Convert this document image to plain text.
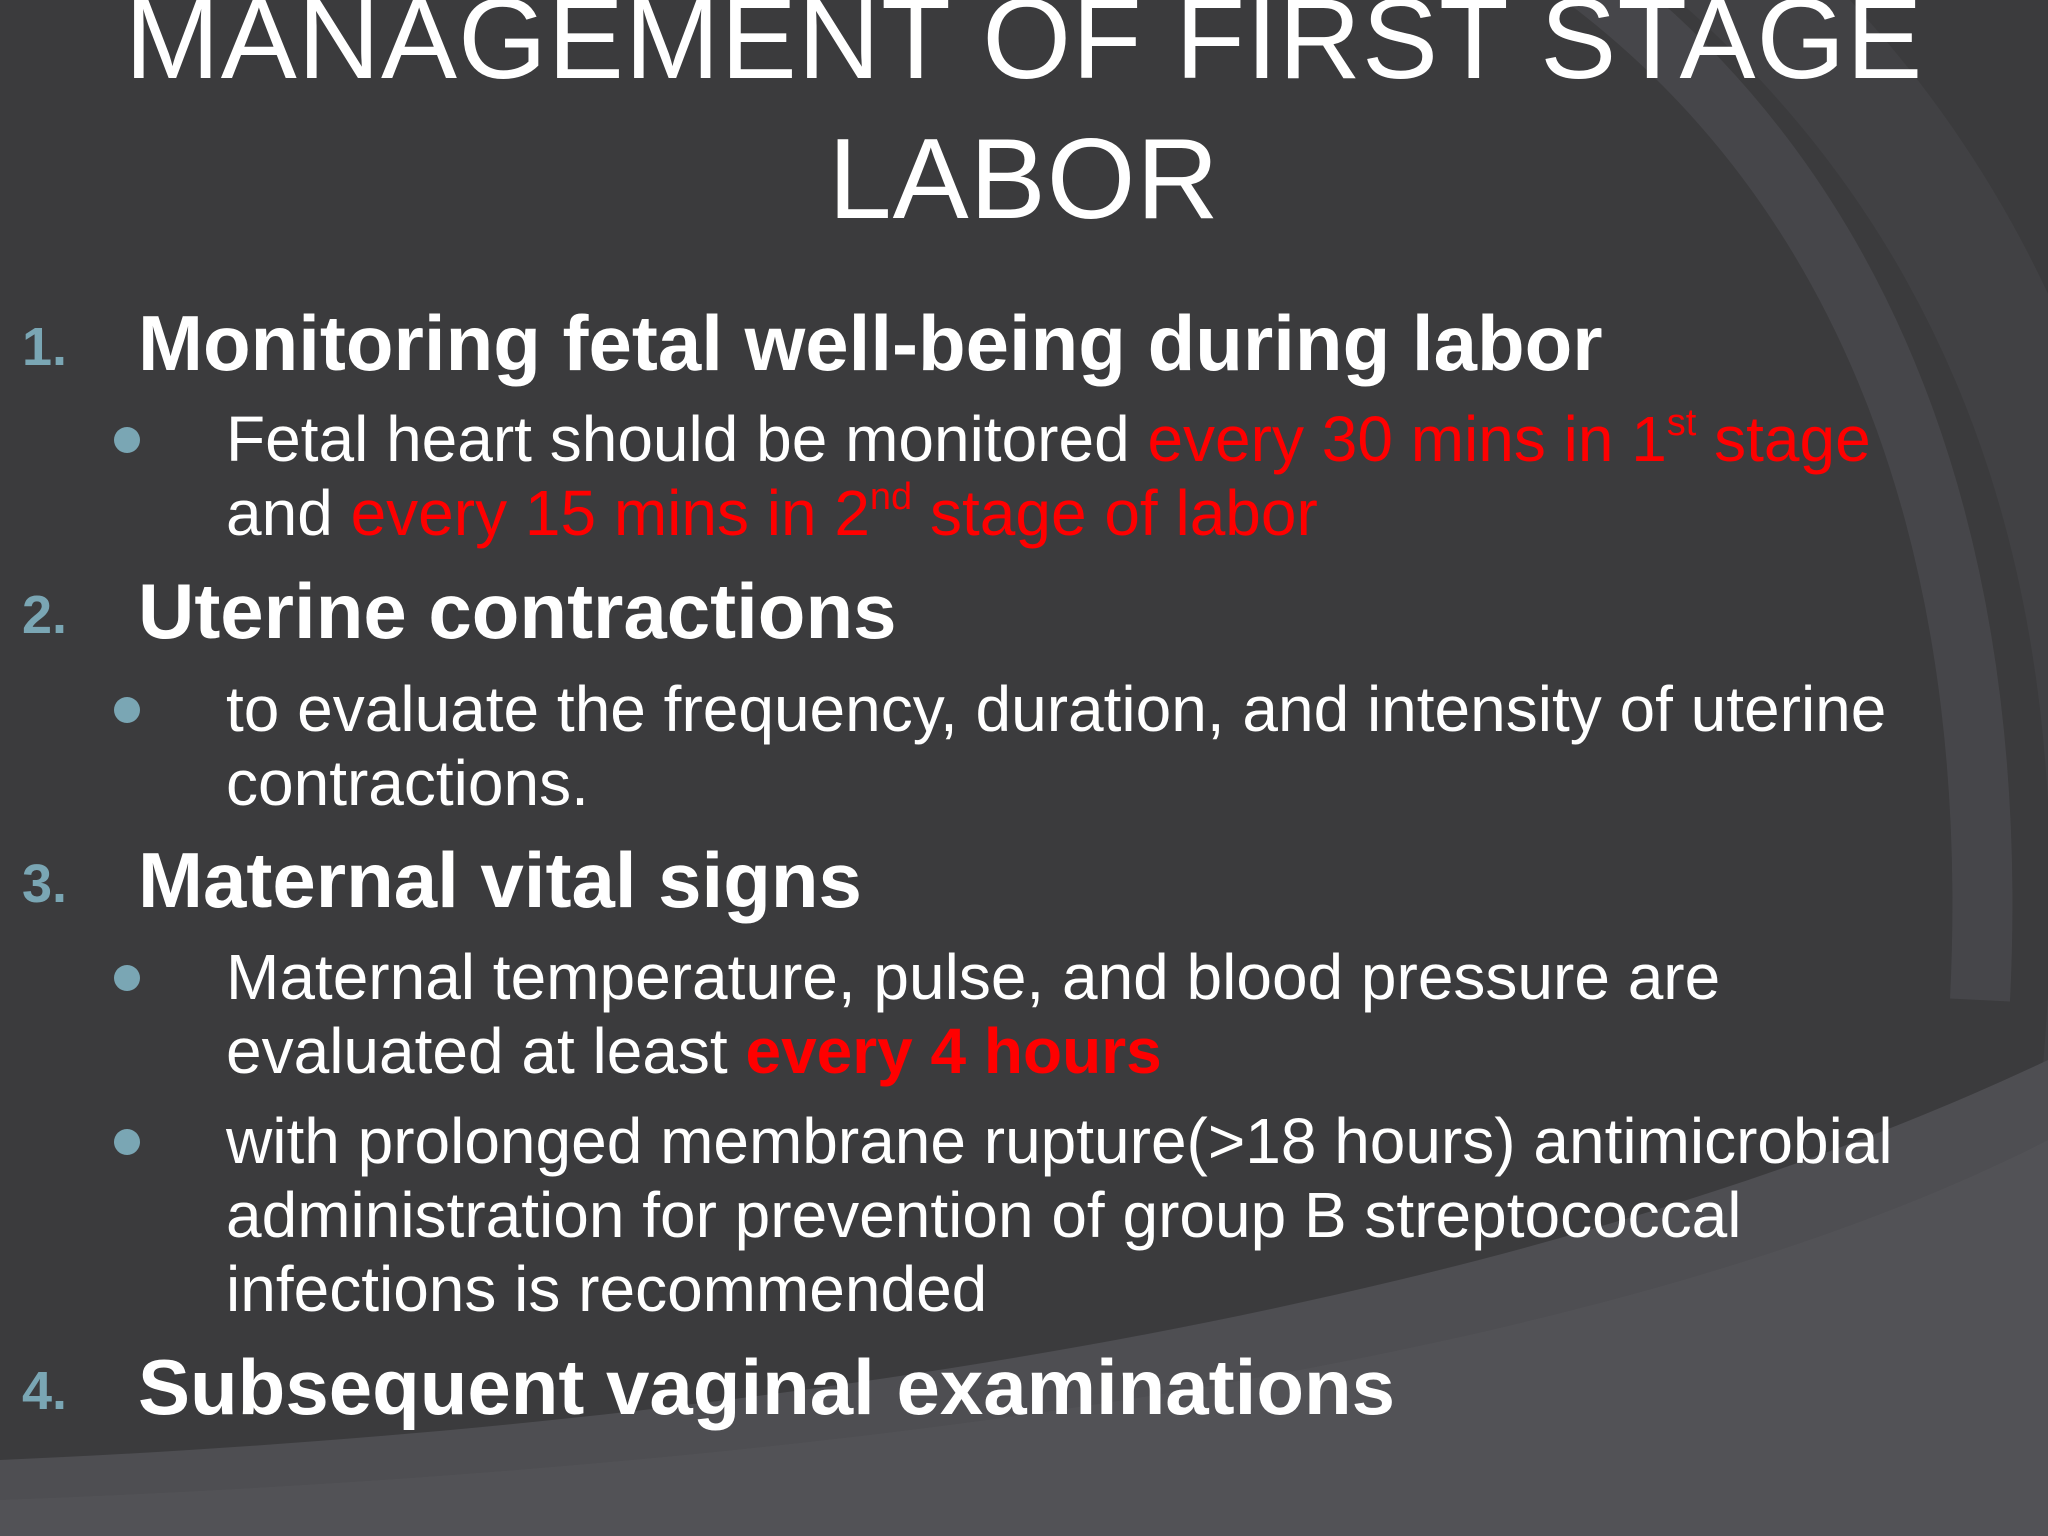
MANAGEMENT OF FIRST STAGE
LABOR
1. Monitoring fetal well-being during labor
Fetal heart should be monitored every 30 mins in 1st stage
and every 15 mins in 2nd stage of labor
2. Uterine contractions
to evaluate the frequency, duration, and intensity of uterine
contractions.
3. Maternal vital signs
Maternal temperature, pulse, and blood pressure are
evaluated at least every 4 hours
with prolonged membrane rupture(>18 hours) antimicrobial
administration for prevention of group B streptococcal
infections is recommended
4. Subsequent vaginal examinations
